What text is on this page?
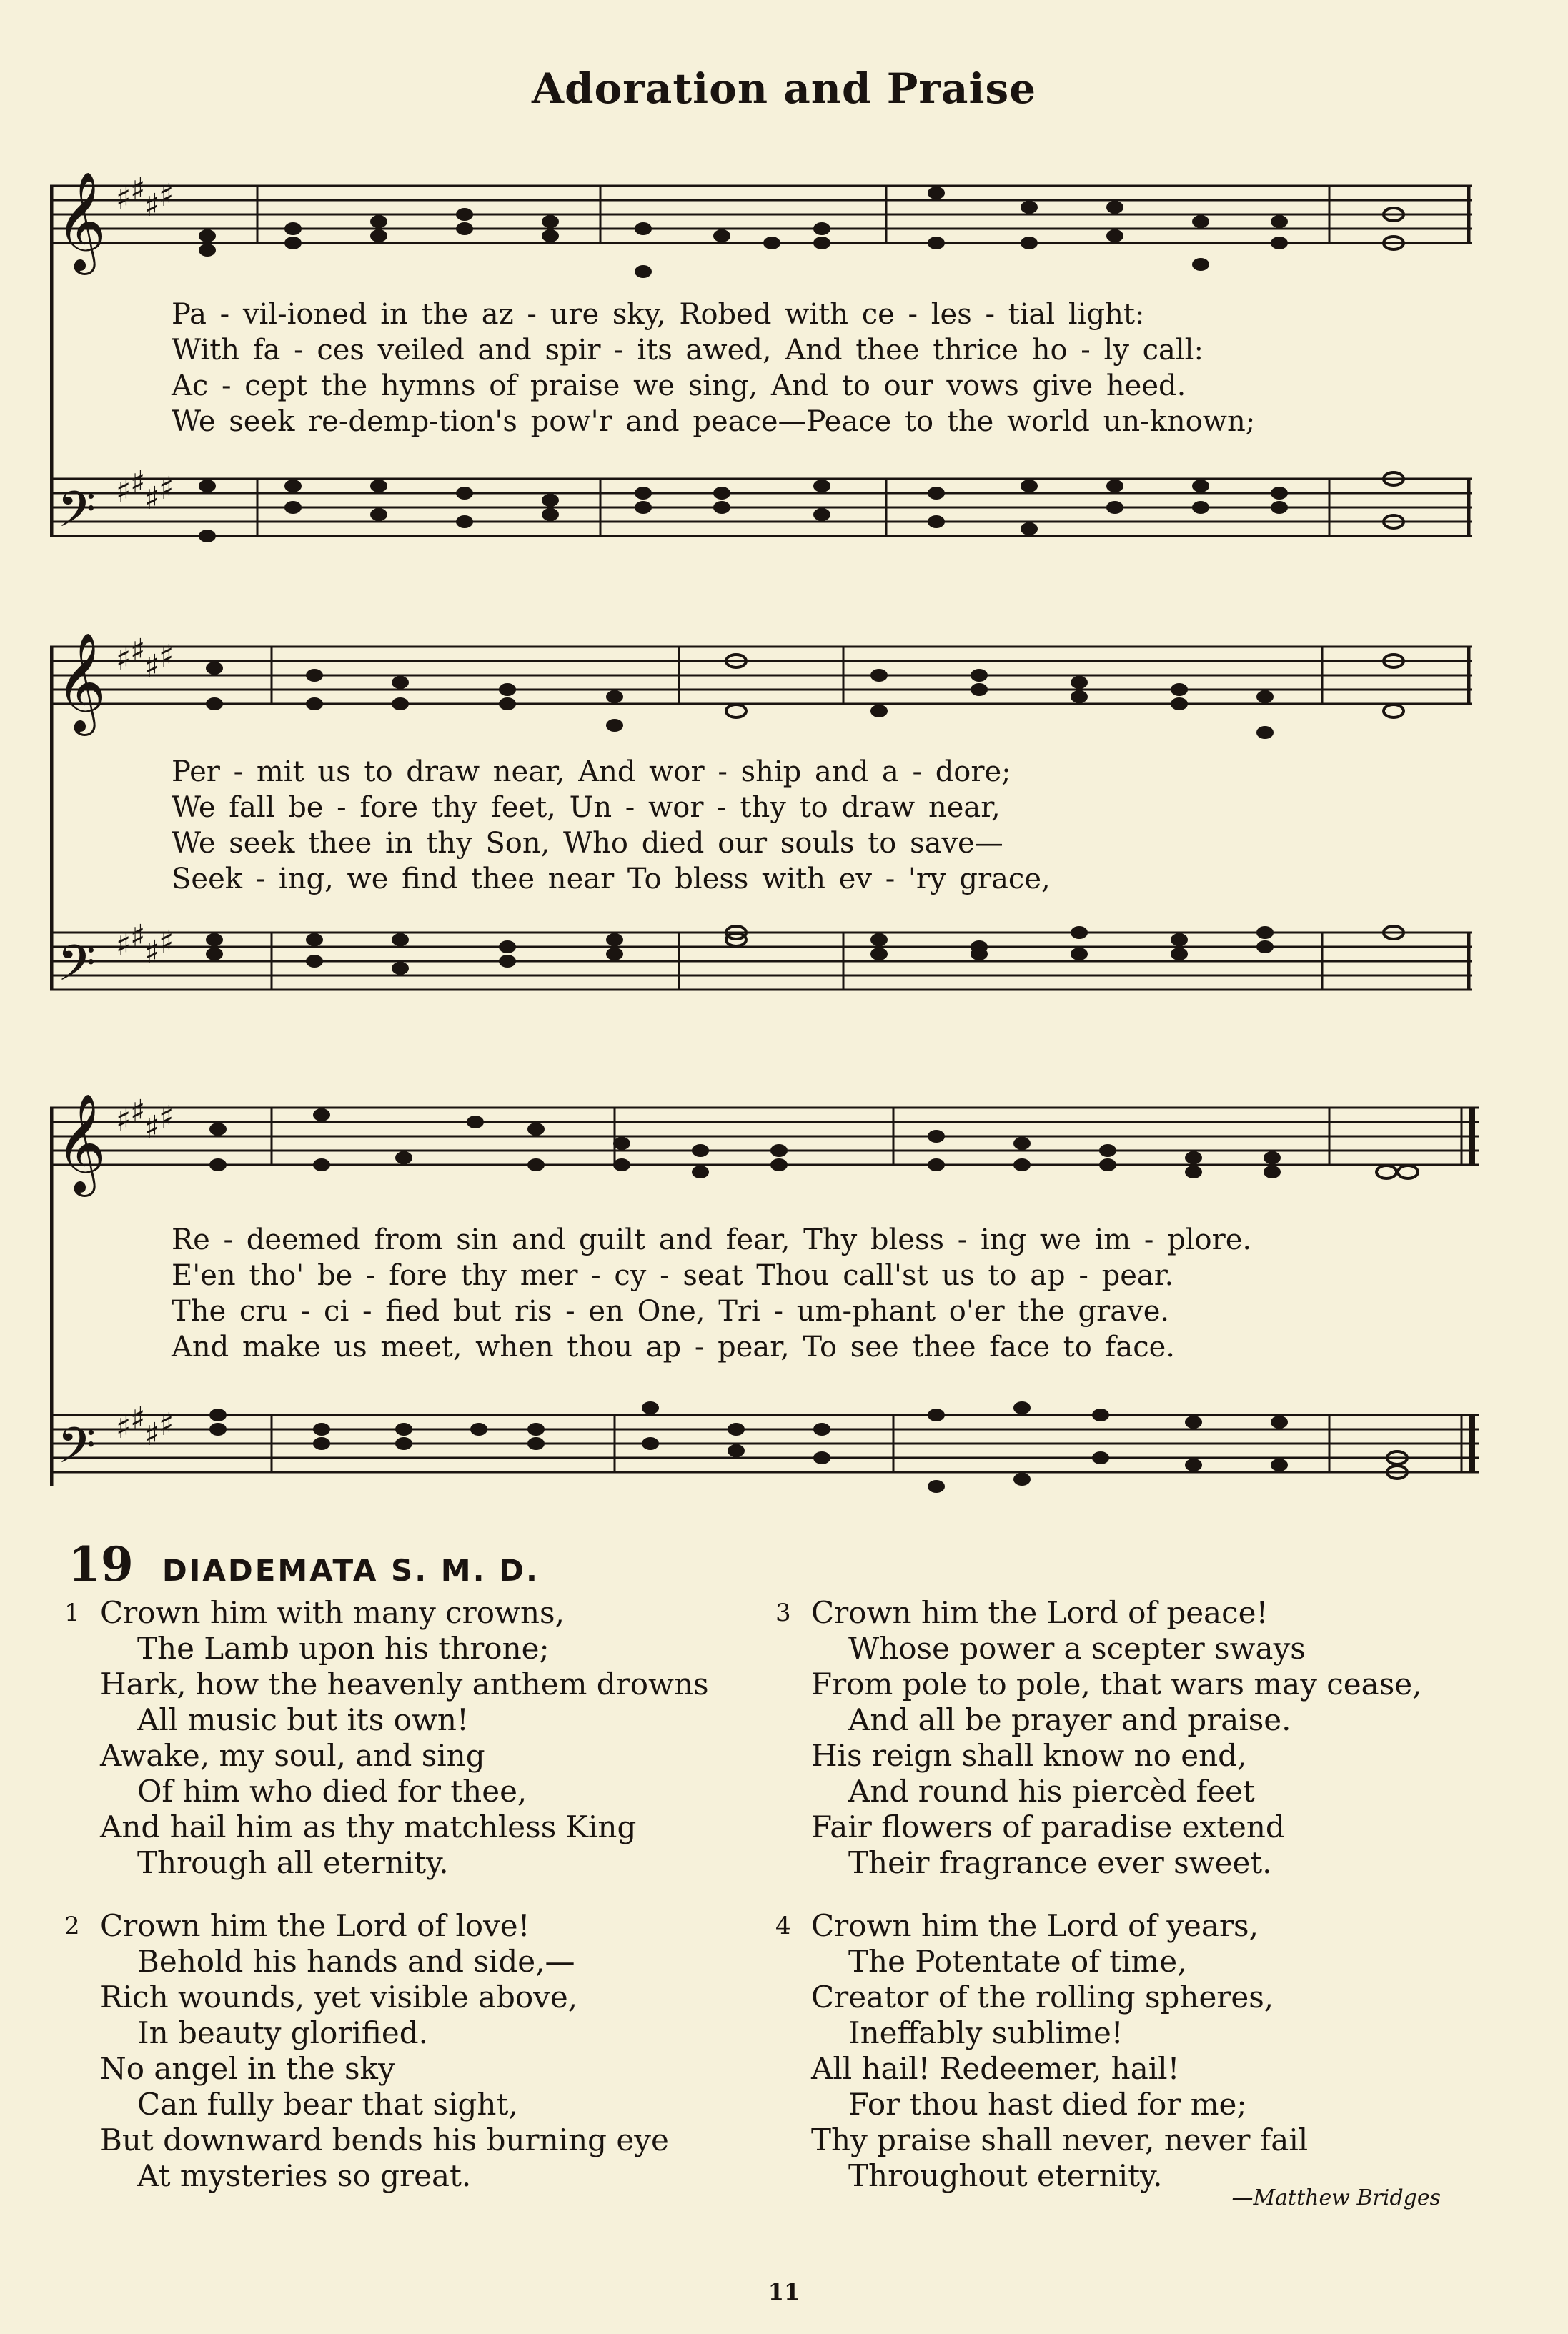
Adoration and Praise
𝄞
𝄢
♯
♯
♯
♯
♯
♯
♯
♯
Pa - vil-ioned in the az - ure sky, Robed with ce - les - tial light:
With fa - ces veiled and spir - its awed, And thee thrice ho - ly call:
Ac - cept the hymns of praise we sing, And to our vows give heed.
We seek re-demp-tion's pow'r and peace—Peace to the world un-known;
𝄞
𝄢
♯
♯
♯
♯
♯
♯
♯
♯
Per - mit us to draw near, And wor - ship and a - dore;
We fall be - fore thy feet, Un - wor - thy to draw near,
We seek thee in thy Son, Who died our souls to save—
Seek - ing, we find thee near To bless with ev - 'ry grace,
𝄞
𝄢
♯
♯
♯
♯
♯
♯
♯
♯
Re - deemed from sin and guilt and fear, Thy bless - ing we im - plore.
E'en tho' be - fore thy mer - cy - seat Thou call'st us to ap - pear.
The cru - ci - fied but ris - en One, Tri - um-phant o'er the grave.
And make us meet, when thou ap - pear, To see thee face to face.
19 DIADEMATA S. M. D.
1 Crown him with many crowns,
The Lamb upon his throne;
Hark, how the heavenly anthem drowns
All music but its own!
Awake, my soul, and sing
Of him who died for thee,
And hail him as thy matchless King
Through all eternity.
2 Crown him the Lord of love!
Behold his hands and side,—
Rich wounds, yet visible above,
In beauty glorified.
No angel in the sky
Can fully bear that sight,
But downward bends his burning eye
At mysteries so great.
3 Crown him the Lord of peace!
Whose power a scepter sways
From pole to pole, that wars may cease,
And all be prayer and praise.
His reign shall know no end,
And round his piercèd feet
Fair flowers of paradise extend
Their fragrance ever sweet.
4 Crown him the Lord of years,
The Potentate of time,
Creator of the rolling spheres,
Ineffably sublime!
All hail! Redeemer, hail!
For thou hast died for me;
Thy praise shall never, never fail
Throughout eternity.
—Matthew Bridges
11
